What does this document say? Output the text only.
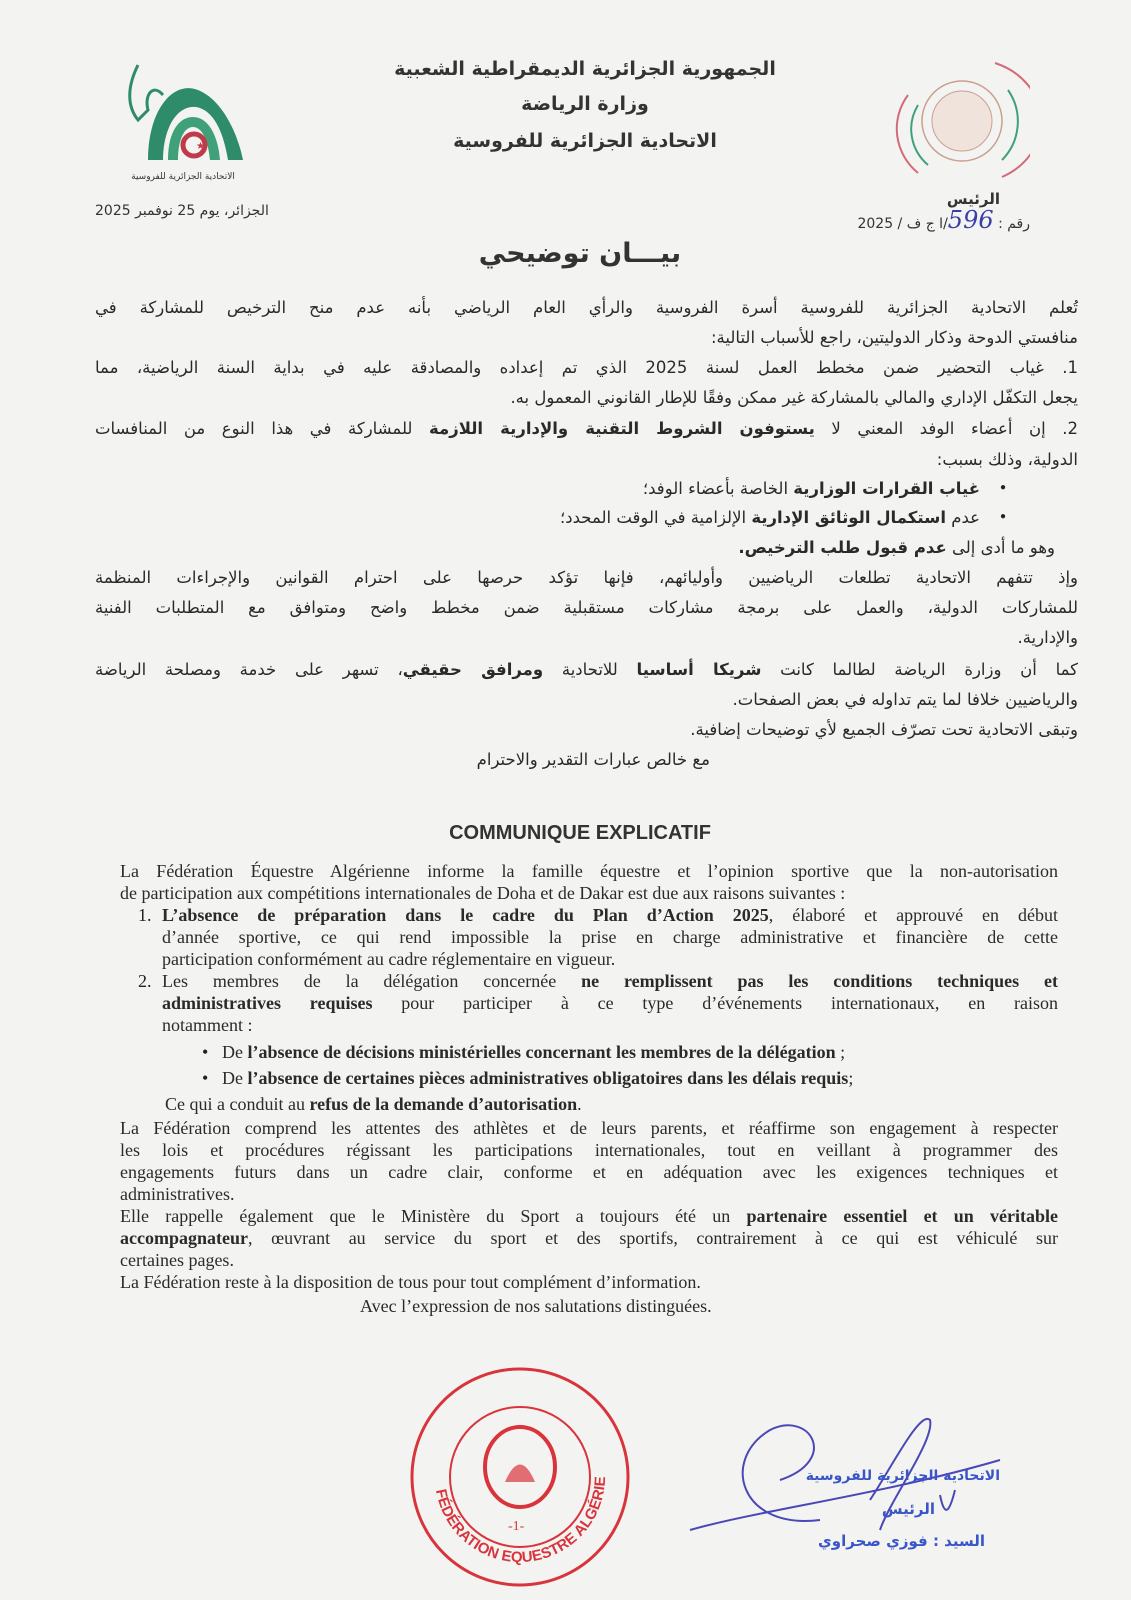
★
الاتحادية الجزائرية للفروسية
الجزائر، يوم 25 نوفمبر 2025
الجمهورية الجزائرية الديمقراطية الشعبية
وزارة الرياضة
الاتحادية الجزائرية للفروسية
الرئيس
رقم : 596/ا ج ف / 2025
بيـــان توضيحي
تُعلم الاتحادية الجزائرية للفروسية أسرة الفروسية والرأي العام الرياضي بأنه عدم منح الترخيص للمشاركة في
منافستي الدوحة وذكار الدوليتين، راجع للأسباب التالية:
1. غياب التحضير ضمن مخطط العمل لسنة 2025 الذي تم إعداده والمصادقة عليه في بداية السنة الرياضية، مما
يجعل التكفّل الإداري والمالي بالمشاركة غير ممكن وفقًا للإطار القانوني المعمول به.
2. إن أعضاء الوفد المعني لا يستوفون الشروط التقنية والإدارية اللازمة للمشاركة في هذا النوع من المنافسات
الدولية، وذلك بسبب:
●
غياب القرارات الوزارية الخاصة بأعضاء الوفد؛
●
عدم استكمال الوثائق الإدارية الإلزامية في الوقت المحدد؛
وهو ما أدى إلى عدم قبول طلب الترخيص.
وإذ تتفهم الاتحادية تطلعات الرياضيين وأوليائهم، فإنها تؤكد حرصها على احترام القوانين والإجراءات المنظمة
للمشاركات الدولية، والعمل على برمجة مشاركات مستقبلية ضمن مخطط واضح ومتوافق مع المتطلبات الفنية
والإدارية.
كما أن وزارة الرياضة لطالما كانت شريكا أساسيا للاتحادية ومرافق حقيقي، تسهر على خدمة ومصلحة الرياضة
والرياضيين خلافا لما يتم تداوله في بعض الصفحات.
وتبقى الاتحادية تحت تصرّف الجميع لأي توضيحات إضافية.
مع خالص عبارات التقدير والاحترام
COMMUNIQUE EXPLICATIF
La Fédération Équestre Algérienne informe la famille équestre et l’opinion sportive que la non-autorisation
de participation aux compétitions internationales de Doha et de Dakar est due aux raisons suivantes :
1. L’absence de préparation dans le cadre du Plan d’Action 2025, élaboré et approuvé en début
d’année sportive, ce qui rend impossible la prise en charge administrative et financière de cette
participation conformément au cadre réglementaire en vigueur.
2. Les membres de la délégation concernée ne remplissent pas les conditions techniques et
administratives requises pour participer à ce type d’événements internationaux, en raison
notamment :
• De l’absence de décisions ministérielles concernant les membres de la délégation ;
• De l’absence de certaines pièces administratives obligatoires dans les délais requis;
Ce qui a conduit au refus de la demande d’autorisation.
La Fédération comprend les attentes des athlètes et de leurs parents, et réaffirme son engagement à respecter
les lois et procédures régissant les participations internationales, tout en veillant à programmer des
engagements futurs dans un cadre clair, conforme et en adéquation avec les exigences techniques et
administratives.
Elle rappelle également que le Ministère du Sport a toujours été un partenaire essentiel et un véritable
accompagnateur, œuvrant au service du sport et des sportifs, contrairement à ce qui est véhiculé sur
certaines pages.
La Fédération reste à la disposition de tous pour tout complément d’information.
Avec l’expression de nos salutations distinguées.
FÉDÉRATION EQUESTRE ALGÉRIE
-1-
الاتحادية الجزائرية للفروسية
الرئيس
السيد : فوزي صحراوي
